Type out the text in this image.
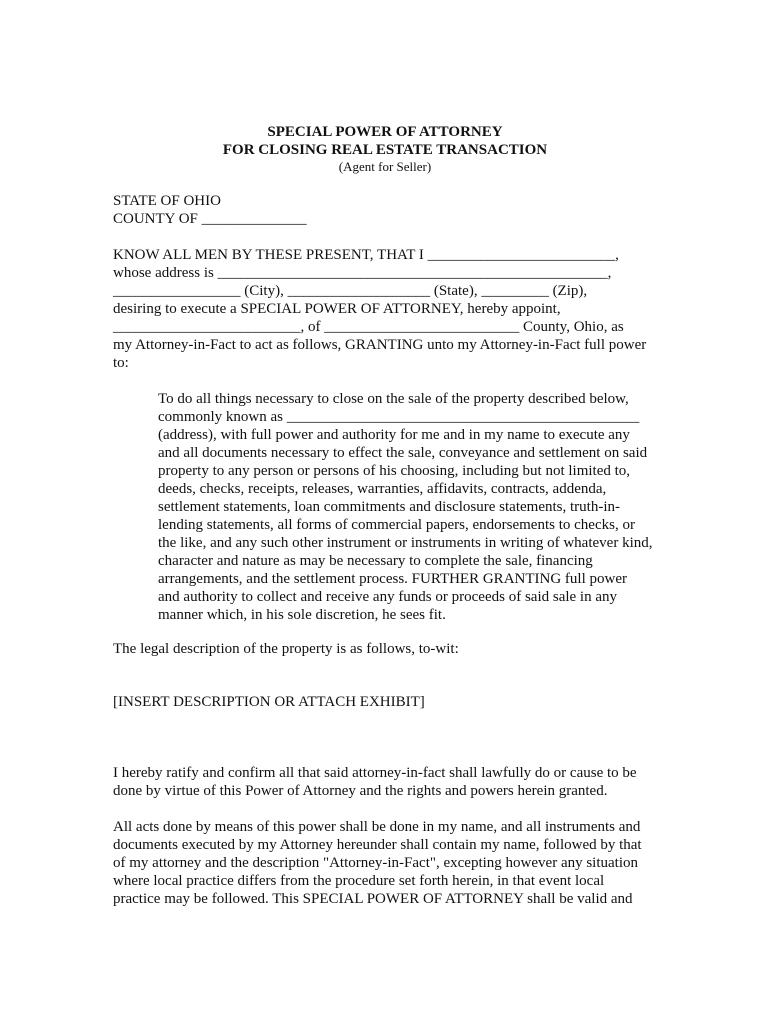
SPECIAL POWER OF ATTORNEY
FOR CLOSING REAL ESTATE TRANSACTION
(Agent for Seller)
STATE OF OHIO
COUNTY OF ______________
KNOW ALL MEN BY THESE PRESENT, THAT I _________________________,
whose address is ____________________________________________________,
_________________ (City), ___________________ (State), _________ (Zip),
desiring to execute a SPECIAL POWER OF ATTORNEY, hereby appoint,
_________________________, of __________________________ County, Ohio, as
my Attorney-in-Fact to act as follows, GRANTING unto my Attorney-in-Fact full power
to:
To do all things necessary to close on the sale of the property described below,
commonly known as _______________________________________________
(address), with full power and authority for me and in my name to execute any
and all documents necessary to effect the sale, conveyance and settlement on said
property to any person or persons of his choosing, including but not limited to,
deeds, checks, receipts, releases, warranties, affidavits, contracts, addenda,
settlement statements, loan commitments and disclosure statements, truth-in-
lending statements, all forms of commercial papers, endorsements to checks, or
the like, and any such other instrument or instruments in writing of whatever kind,
character and nature as may be necessary to complete the sale, financing
arrangements, and the settlement process. FURTHER GRANTING full power
and authority to collect and receive any funds or proceeds of said sale in any
manner which, in his sole discretion, he sees fit.
The legal description of the property is as follows, to-wit:
[INSERT DESCRIPTION OR ATTACH EXHIBIT]
I hereby ratify and confirm all that said attorney-in-fact shall lawfully do or cause to be
done by virtue of this Power of Attorney and the rights and powers herein granted.
All acts done by means of this power shall be done in my name, and all instruments and
documents executed by my Attorney hereunder shall contain my name, followed by that
of my attorney and the description "Attorney-in-Fact", excepting however any situation
where local practice differs from the procedure set forth herein, in that event local
practice may be followed. This SPECIAL POWER OF ATTORNEY shall be valid and
